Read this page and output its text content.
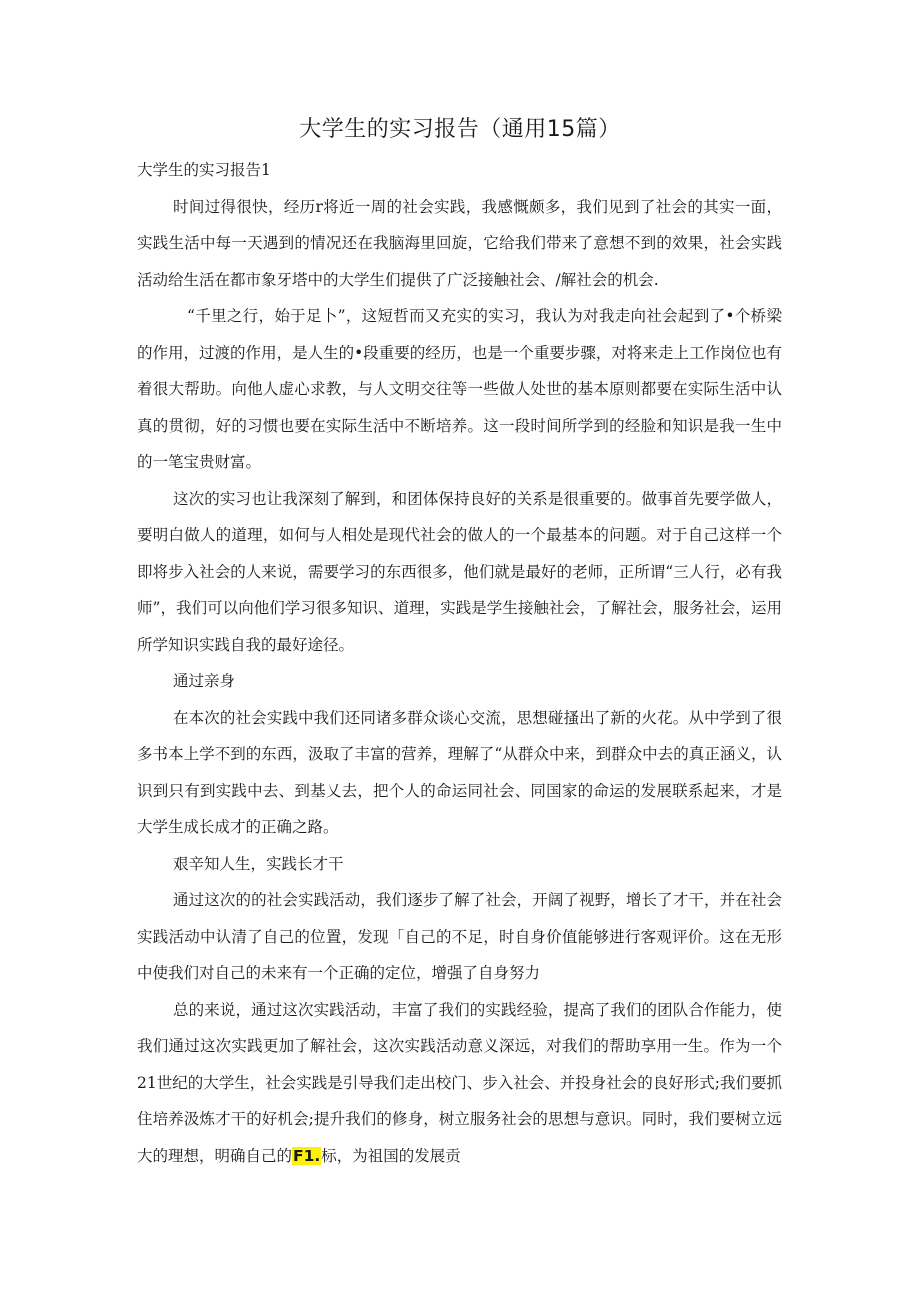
大学生的实习报告（通用15篇）

大学生的实习报告1

时间过得很快，经历r将近一周的社会实践，我感慨颇多，我们见到了社会的其实一面，实践生活中每一天遇到的情况还在我脑海里回旋，它给我们带来了意想不到的效果，社会实践活动给生活在都市象牙塔中的大学生们提供了广泛接触社会、/解社会的机会.

“千里之行，始于足卜”，这短哲而又充实的实习，我认为对我走向社会起到了•个桥梁的作用，过渡的作用，是人生的•段重要的经历，也是一个重要步骤，对将来走上工作岗位也有着很大帮助。向他人虚心求教，与人文明交往等一些做人处世的基本原则都要在实际生活中认真的贯彻，好的习惯也要在实际生活中不断培养。这一段时间所学到的经脸和知识是我一生中的一笔宝贵财富。

这次的实习也让我深刻了解到，和团体保持良好的关系是很重要的。做事首先要学做人，要明白做人的道理，如何与人相处是现代社会的做人的一个最基本的问题。对于自己这样一个即将步入社会的人来说，需要学习的东西很多，他们就是最好的老师，正所谓“三人行，必有我师”，我们可以向他们学习很多知识、道理，实践是学生接触社会，了解社会，服务社会，运用所学知识实践自我的最好途径。

通过亲身

在本次的社会实践中我们还同诸多群众谈心交流，思想碰搔出了新的火花。从中学到了很多书本上学不到的东西，汲取了丰富的营养，理解了“从群众中来，到群众中去的真正涵义，认识到只有到实践中去、到基乂去，把个人的命运同社会、同国家的命运的发展联系起来，才是大学生成长成才的正确之路。

艰辛知人生，实践长才干

通过这次的的社会实践活动，我们逐步了解了社会，开阔了视野，增长了才干，并在社会实践活动中认清了自己的位置，发现「自己的不足，时自身价值能够进行客观评价。这在无形中使我们对自己的未来有一个正确的定位，增强了自身努力

总的来说，通过这次实践活动，丰富了我们的实践经验，提高了我们的团队合作能力，使我们通过这次实践更加了解社会，这次实践活动意义深远，对我们的帮助享用一生。作为一个21世纪的大学生，社会实践是引导我们走出校门、步入社会、并投身社会的良好形式;我们要抓住培养汲炼才干的好机会;提升我们的修身，树立服务社会的思想与意识。同时，我们要树立远大的理想，明确自己的F1.标，为祖国的发展贡
